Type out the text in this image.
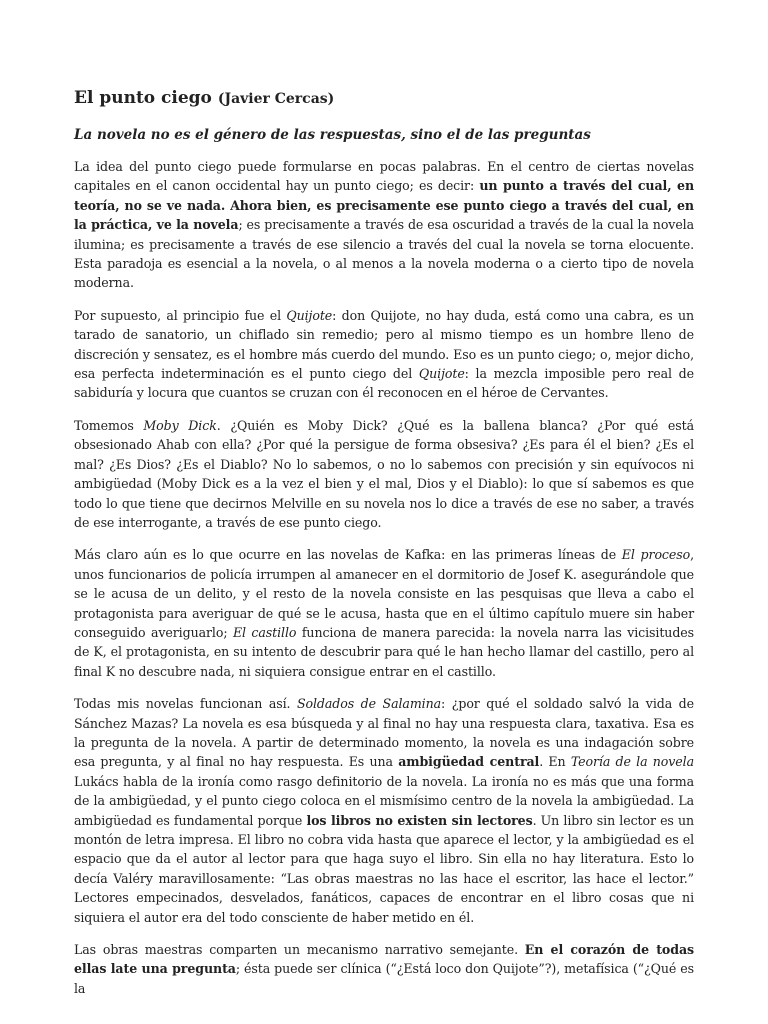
El punto ciego (Javier Cercas)
La novela no es el género de las respuestas, sino el de las preguntas

La idea del punto ciego puede formularse en pocas palabras. En el centro de ciertas novelas capitales en el canon occidental hay un punto ciego; es decir: un punto a través del cual, en teoría, no se ve nada. Ahora bien, es precisamente ese punto ciego a través del cual, en la práctica, ve la novela; es precisamente a través de esa oscuridad a través de la cual la novela ilumina; es precisamente a través de ese silencio a través del cual la novela se torna elocuente. Esta paradoja es esencial a la novela, o al menos a la novela moderna o a cierto tipo de novela moderna.

Por supuesto, al principio fue el Quijote: don Quijote, no hay duda, está como una cabra, es un tarado de sanatorio, un chiflado sin remedio; pero al mismo tiempo es un hombre lleno de discreción y sensatez, es el hombre más cuerdo del mundo. Eso es un punto ciego; o, mejor dicho, esa perfecta indeterminación es el punto ciego del Quijote: la mezcla imposible pero real de sabiduría y locura que cuantos se cruzan con él reconocen en el héroe de Cervantes.

Tomemos Moby Dick. ¿Quién es Moby Dick? ¿Qué es la ballena blanca? ¿Por qué está obsesionado Ahab con ella? ¿Por qué la persigue de forma obsesiva? ¿Es para él el bien? ¿Es el mal? ¿Es Dios? ¿Es el Diablo? No lo sabemos, o no lo sabemos con precisión y sin equívocos ni ambigüedad (Moby Dick es a la vez el bien y el mal, Dios y el Diablo): lo que sí sabemos es que todo lo que tiene que decirnos Melville en su novela nos lo dice a través de ese no saber, a través de ese interrogante, a través de ese punto ciego.

Más claro aún es lo que ocurre en las novelas de Kafka: en las primeras líneas de El proceso, unos funcionarios de policía irrumpen al amanecer en el dormitorio de Josef K. asegurándole que se le acusa de un delito, y el resto de la novela consiste en las pesquisas que lleva a cabo el protagonista para averiguar de qué se le acusa, hasta que en el último capítulo muere sin haber conseguido averiguarlo; El castillo funciona de manera parecida: la novela narra las vicisitudes de K, el protagonista, en su intento de descubrir para qué le han hecho llamar del castillo, pero al final K no descubre nada, ni siquiera consigue entrar en el castillo.

Todas mis novelas funcionan así. Soldados de Salamina: ¿por qué el soldado salvó la vida de Sánchez Mazas? La novela es esa búsqueda y al final no hay una respuesta clara, taxativa. Esa es la pregunta de la novela. A partir de determinado momento, la novela es una indagación sobre esa pregunta, y al final no hay respuesta. Es una ambigüedad central. En Teoría de la novela Lukács habla de la ironía como rasgo definitorio de la novela. La ironía no es más que una forma de la ambigüedad, y el punto ciego coloca en el mismísimo centro de la novela la ambigüedad. La ambigüedad es fundamental porque los libros no existen sin lectores. Un libro sin lector es un montón de letra impresa. El libro no cobra vida hasta que aparece el lector, y la ambigüedad es el espacio que da el autor al lector para que haga suyo el libro. Sin ella no hay literatura. Esto lo decía Valéry maravillosamente: “Las obras maestras no las hace el escritor, las hace el lector.” Lectores empecinados, desvelados, fanáticos, capaces de encontrar en el libro cosas que ni siquiera el autor era del todo consciente de haber metido en él.

Las obras maestras comparten un mecanismo narrativo semejante. En el corazón de todas ellas late una pregunta; ésta puede ser clínica (“¿Está loco don Quijote”?), metafísica (“¿Qué es la
